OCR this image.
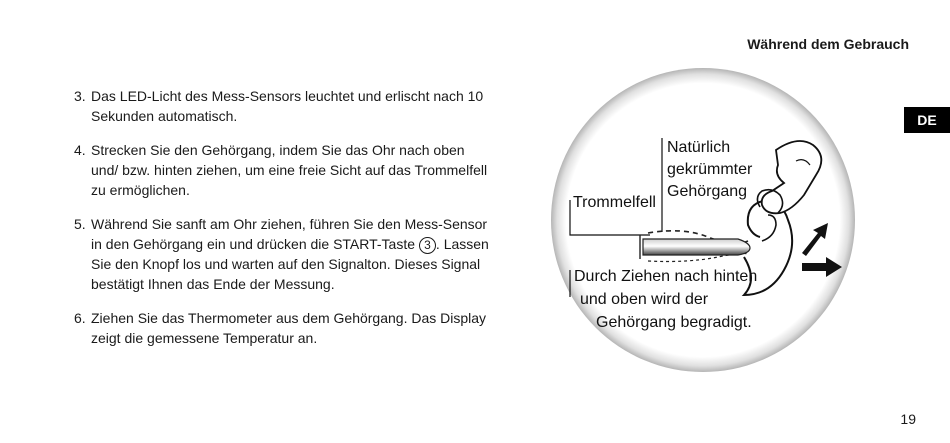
Während dem Gebrauch
DE
3. Das LED-Licht des Mess-Sensors leuchtet und erlischt nach 10 Sekunden automatisch.
4. Strecken Sie den Gehörgang, indem Sie das Ohr nach oben und/ bzw. hinten ziehen, um eine freie Sicht auf das Trommelfell zu ermöglichen.
5. Während Sie sanft am Ohr ziehen, führen Sie den Mess-Sensor in den Gehörgang ein und drücken die START-Taste 3 . Lassen Sie den Knopf los und warten auf den Signalton. Dieses Signal bestätigt Ihnen das Ende der Messung.
6. Ziehen Sie das Thermometer aus dem Gehörgang. Das Display zeigt die gemessene Temperatur an.
Natürlich
gekrümmter
Gehörgang
Trommelfell
Durch Ziehen nach hinten
und oben wird der
Gehörgang begradigt.
19
